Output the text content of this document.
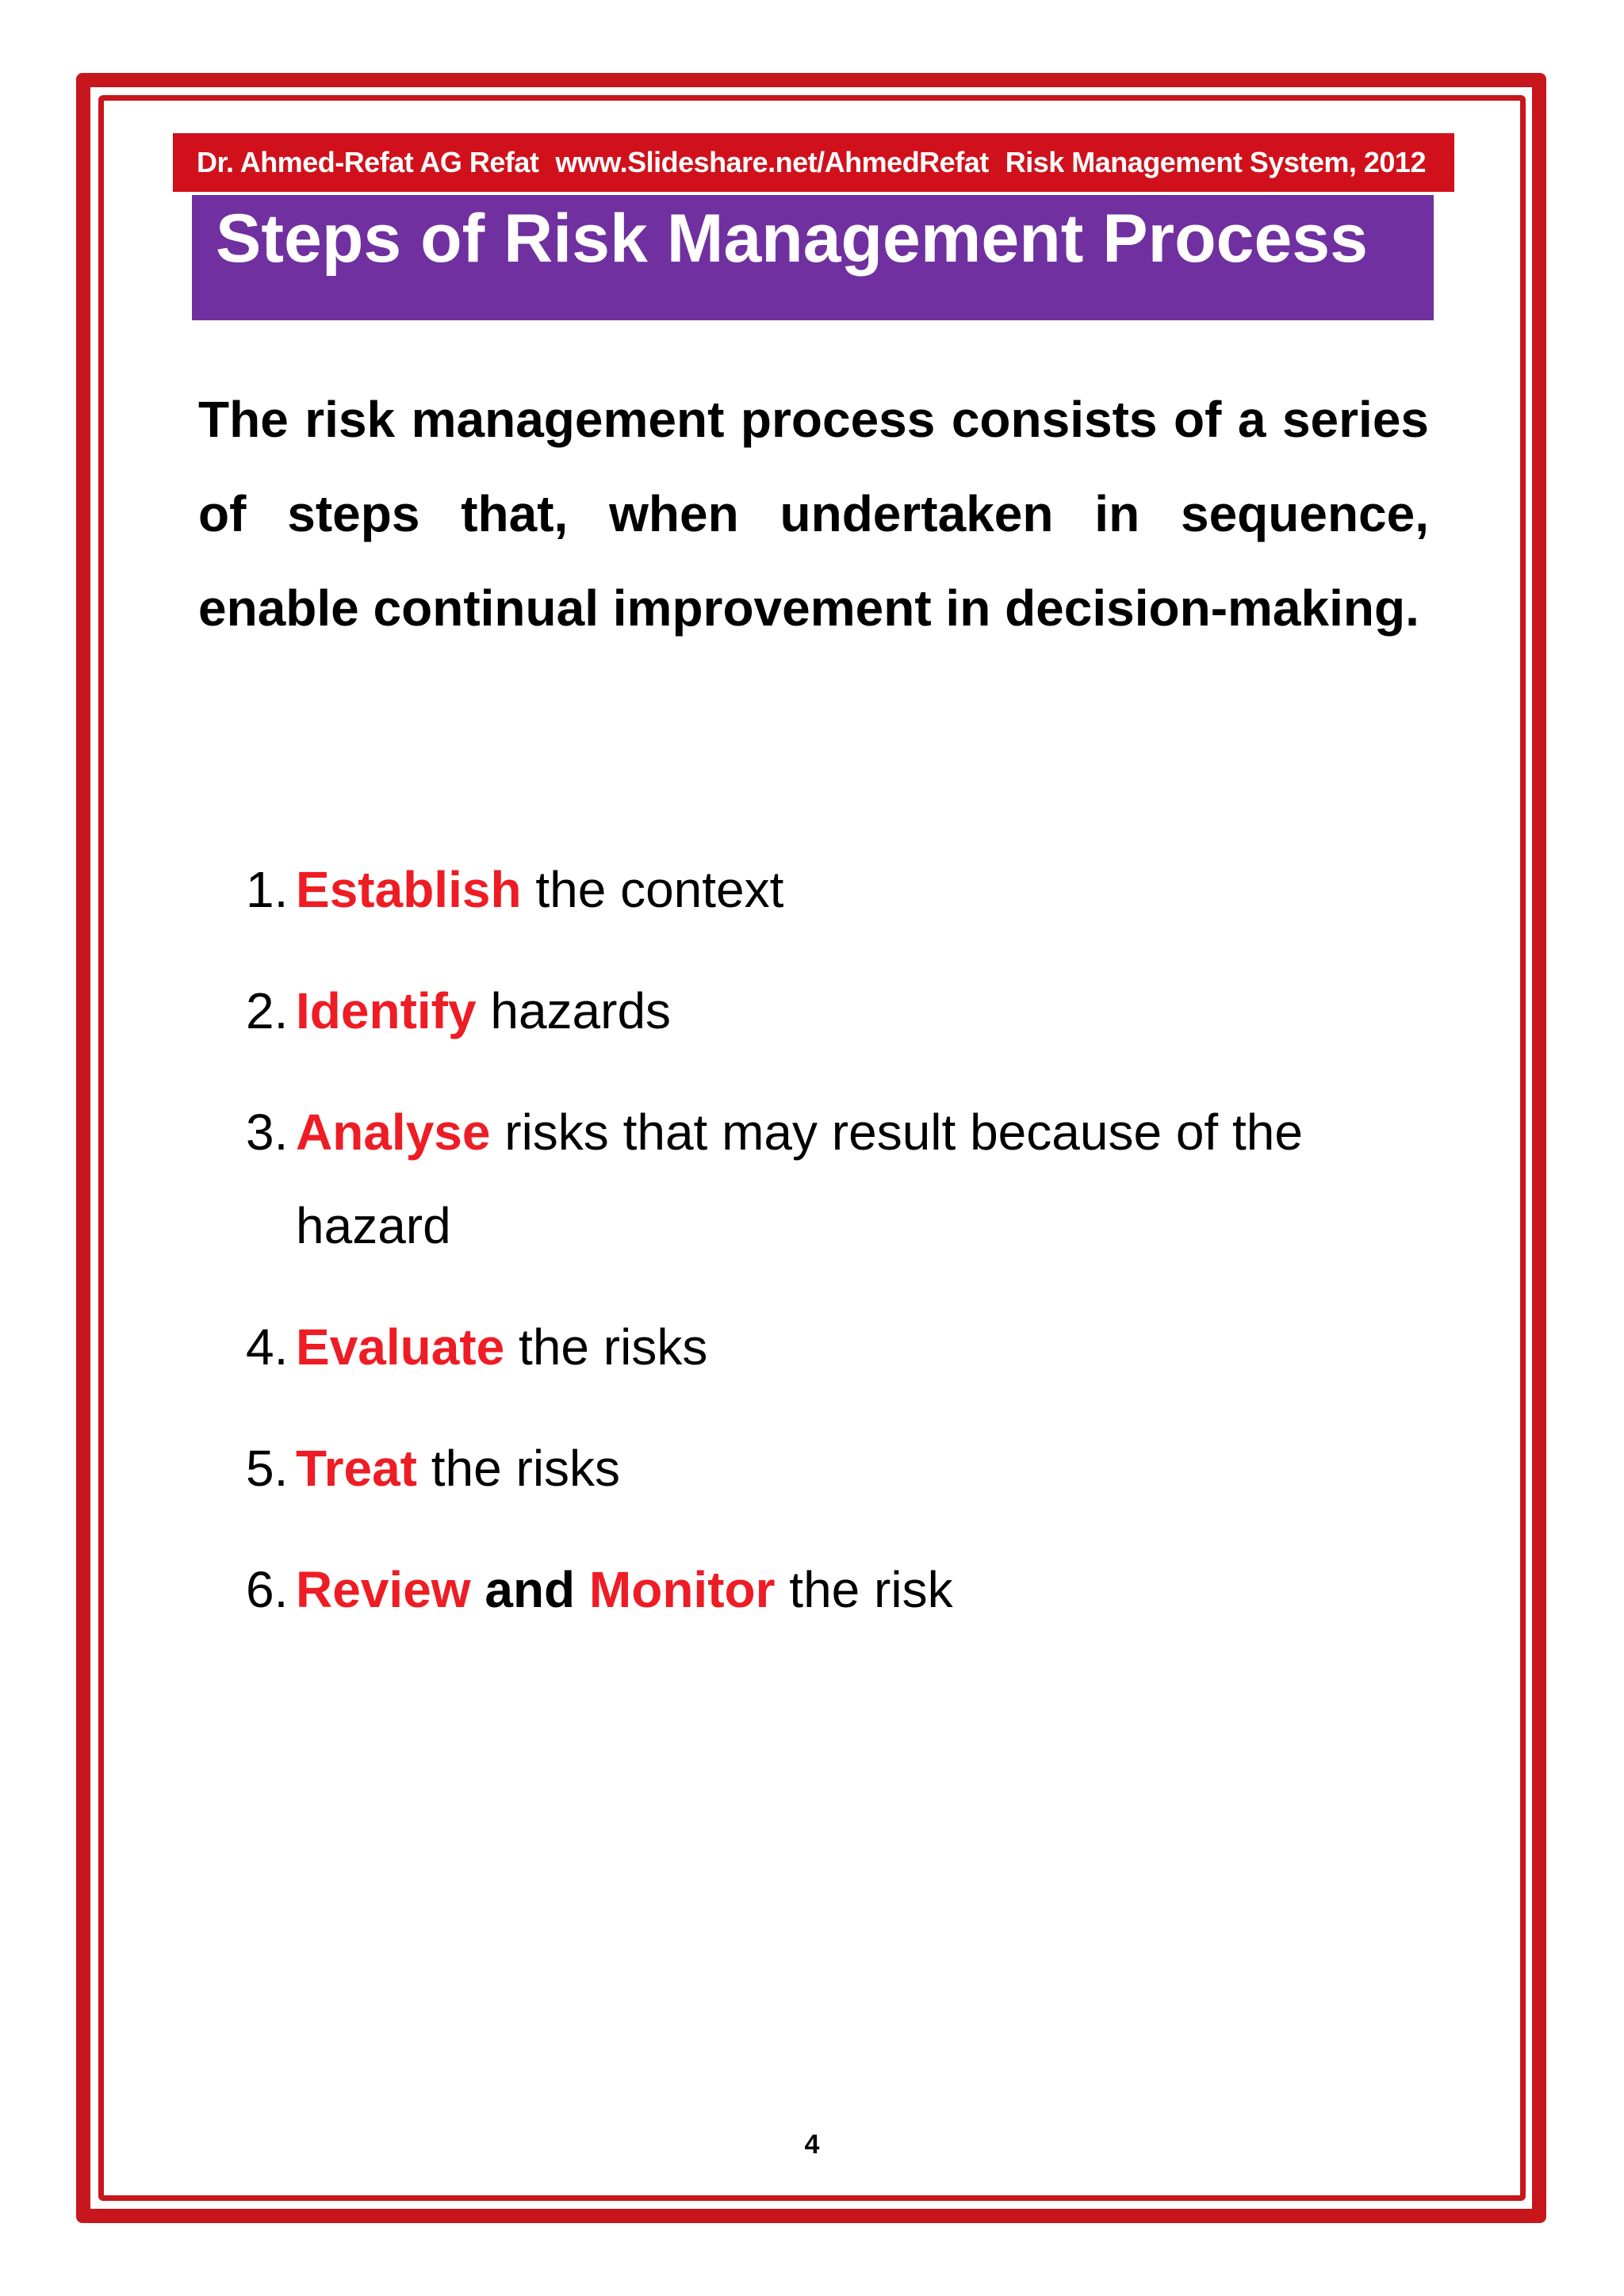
Dr. Ahmed-Refat AG Refat www.Slideshare.net/AhmedRefat Risk Management System, 2012
Steps of Risk Management Process

The risk management process consists of a series of steps that, when undertaken in sequence, enable continual improvement in decision-making.

1. Establish the context
2. Identify hazards
3. Analyse risks that may result because of the hazard
4. Evaluate the risks
5. Treat the risks
6. Review and Monitor the risk
4
